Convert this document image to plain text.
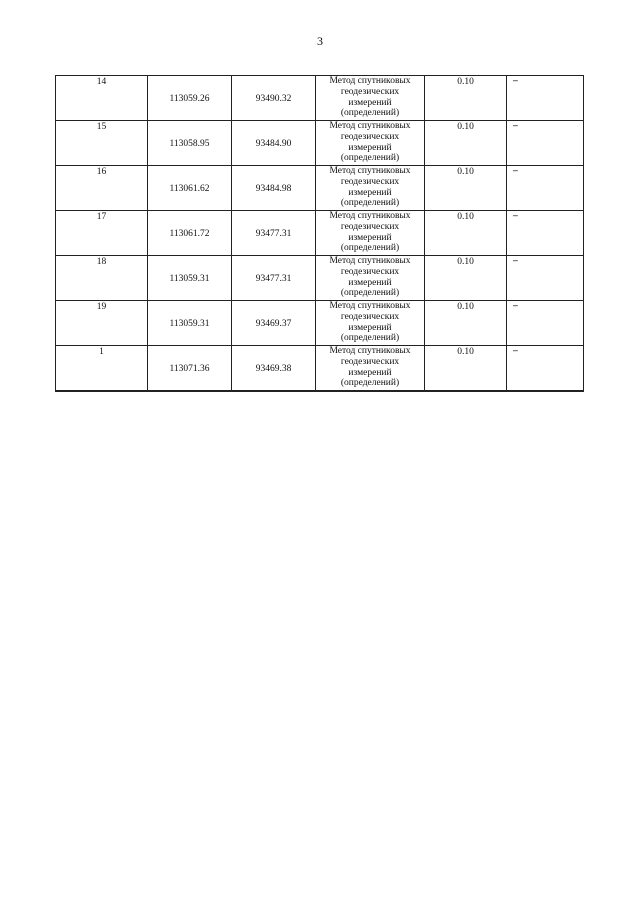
3
14	113059.26	93490.32	Метод спутниковых
геодезических
измерений
(определений)	0.10	–

15	113058.95	93484.90	Метод спутниковых
геодезических
измерений
(определений)	0.10	–

16	113061.62	93484.98	Метод спутниковых
геодезических
измерений
(определений)	0.10	–

17	113061.72	93477.31	Метод спутниковых
геодезических
измерений
(определений)	0.10	–

18	113059.31	93477.31	Метод спутниковых
геодезических
измерений
(определений)	0.10	–

19	113059.31	93469.37	Метод спутниковых
геодезических
измерений
(определений)	0.10	–

1	113071.36	93469.38	Метод спутниковых
геодезических
измерений
(определений)	0.10	–
